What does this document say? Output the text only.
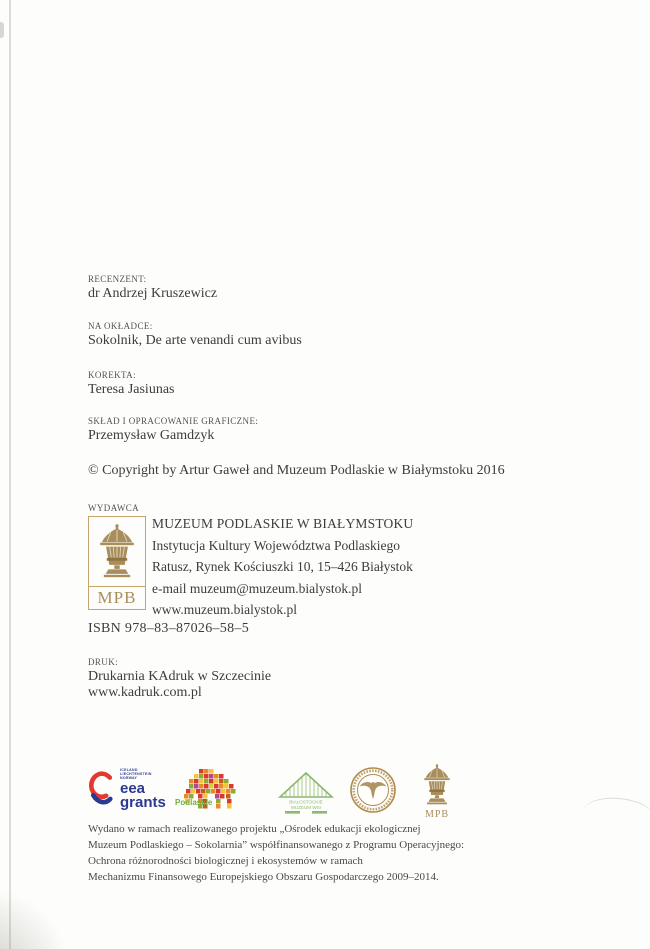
RECENZENT:
dr Andrzej Kruszewicz
NA OKŁADCE:
Sokolnik, De arte venandi cum avibus
KOREKTA:
Teresa Jasiunas
SKŁAD I OPRACOWANIE GRAFICZNE:
Przemysław Gamdzyk
© Copyright by Artur Gaweł and Muzeum Podlaskie w Białymstoku 2016
WYDAWCA
MPB
MUZEUM PODLASKIE W BIAŁYMSTOKU
Instytucja Kultury Województwa Podlaskiego
Ratusz, Rynek Kościuszki 10, 15–426 Białystok
e-mail muzeum@muzeum.bialystok.pl
www.muzeum.bialystok.pl
ISBN 978–83–87026–58–5
DRUK:
Drukarnia KAdruk w Szczecinie
www.kadruk.com.pl
ICELAND
LIECHTENSTEIN
NORWAY
eea
grants Podlaskie	BIAŁOSTOCKIE
MUZEUM WSI
MPB
Wydano w ramach realizowanego projektu „Ośrodek edukacji ekologicznej
Muzeum Podlaskiego – Sokolarnia” współfinansowanego z Programu Operacyjnego:
Ochrona różnorodności biologicznej i ekosystemów w ramach
Mechanizmu Finansowego Europejskiego Obszaru Gospodarczego 2009–2014.
